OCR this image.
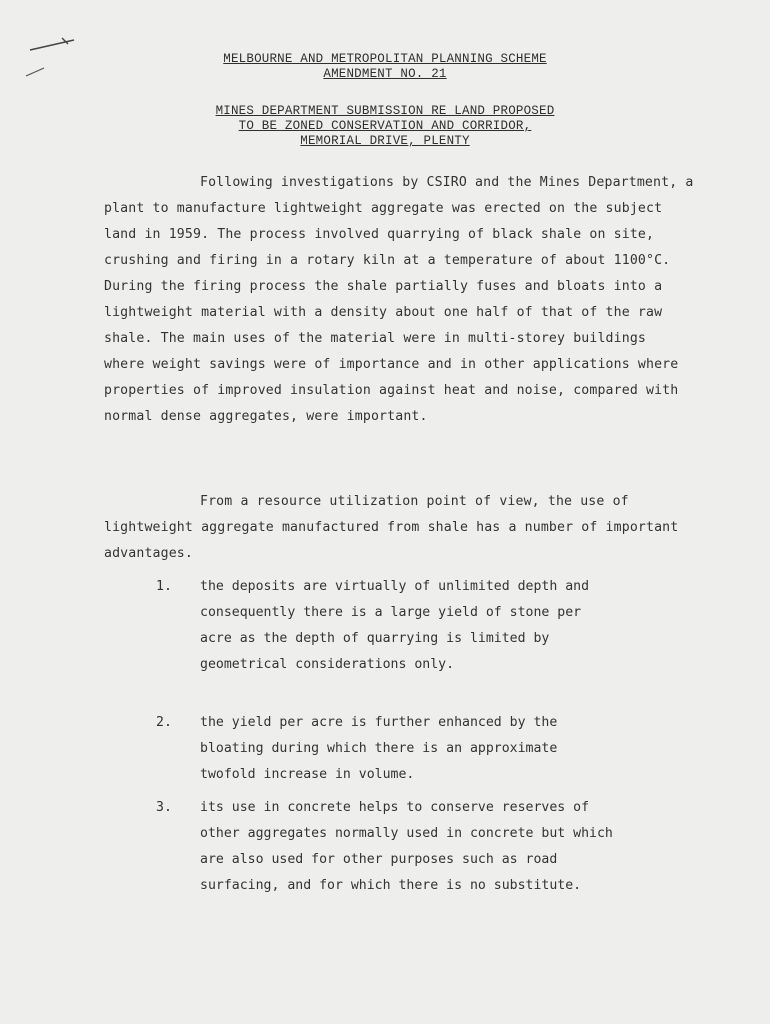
MELBOURNE AND METROPOLITAN PLANNING SCHEME
AMENDMENT NO. 21
MINES DEPARTMENT SUBMISSION RE LAND PROPOSED
TO BE ZONED CONSERVATION AND CORRIDOR,
MEMORIAL DRIVE, PLENTY

Following investigations by CSIRO and the Mines Department, a plant to manufacture lightweight aggregate was erected on the subject land in 1959. The process involved quarrying of black shale on site, crushing and firing in a rotary kiln at a temperature of about 1100°C. During the firing process the shale partially fuses and bloats into a lightweight material with a density about one half of that of the raw shale. The main uses of the material were in multi-storey buildings where weight savings were of importance and in other applications where properties of improved insulation against heat and noise, compared with normal dense aggregates, were important.

From a resource utilization point of view, the use of lightweight aggregate manufactured from shale has a number of important advantages.

1. the deposits are virtually of unlimited depth and consequently there is a large yield of stone per acre as the depth of quarrying is limited by geometrical considerations only.
2. the yield per acre is further enhanced by the bloating during which there is an approximate twofold increase in volume.
3. its use in concrete helps to conserve reserves of other aggregates normally used in concrete but which are also used for other purposes such as road surfacing, and for which there is no substitute.
